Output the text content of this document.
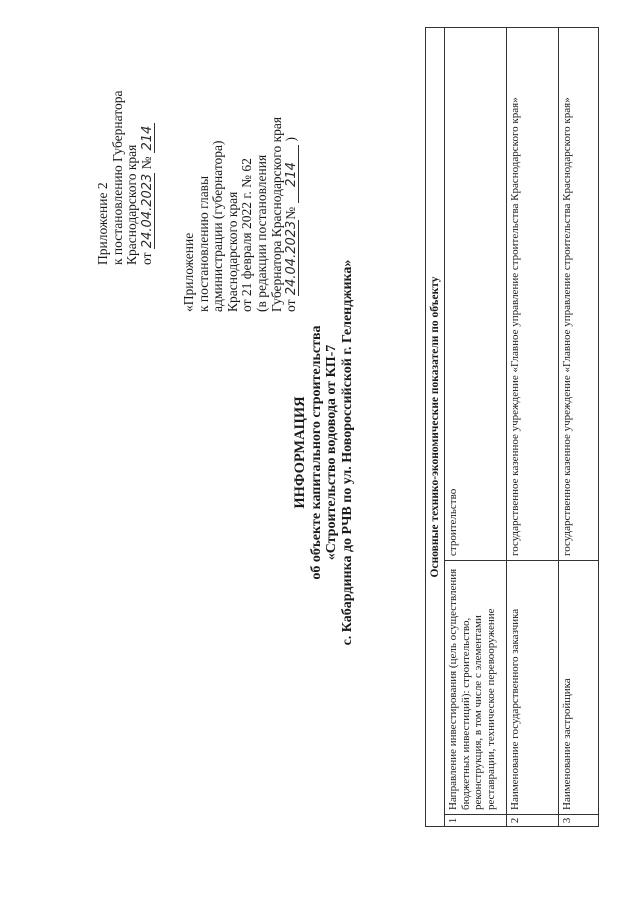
Приложение 2 к постановлению Губернатора Краснодарского края от 24.04.2023 № 214
«Приложение к постановлению главы администрации (губернатора) Краснодарского края от 21 февраля 2022 г. № 62 (в редакции постановления Губернатора Краснодарского края от 24.04.2023№ 214)
ИНФОРМАЦИЯ об объекте капитального строительства «Строительство водовода от КП-7 с. Кабардинка до РЧВ по ул. Новороссийской г. Геленджика»	Основные технико-экономические показатели по объекту		
1	Направление инвестирования (цель осуществления бюджетных инвестиций): строительство, реконструкция, в том числе с элементами реставрации, техническое перевооружение	строительство
2	Наименование государственного заказчика	государственное казенное учреждение «Главное управление строительства Краснодарского края»
3	Наименование застройщика	государственное казенное учреждение «Главное управление строительства Краснодарского края»
